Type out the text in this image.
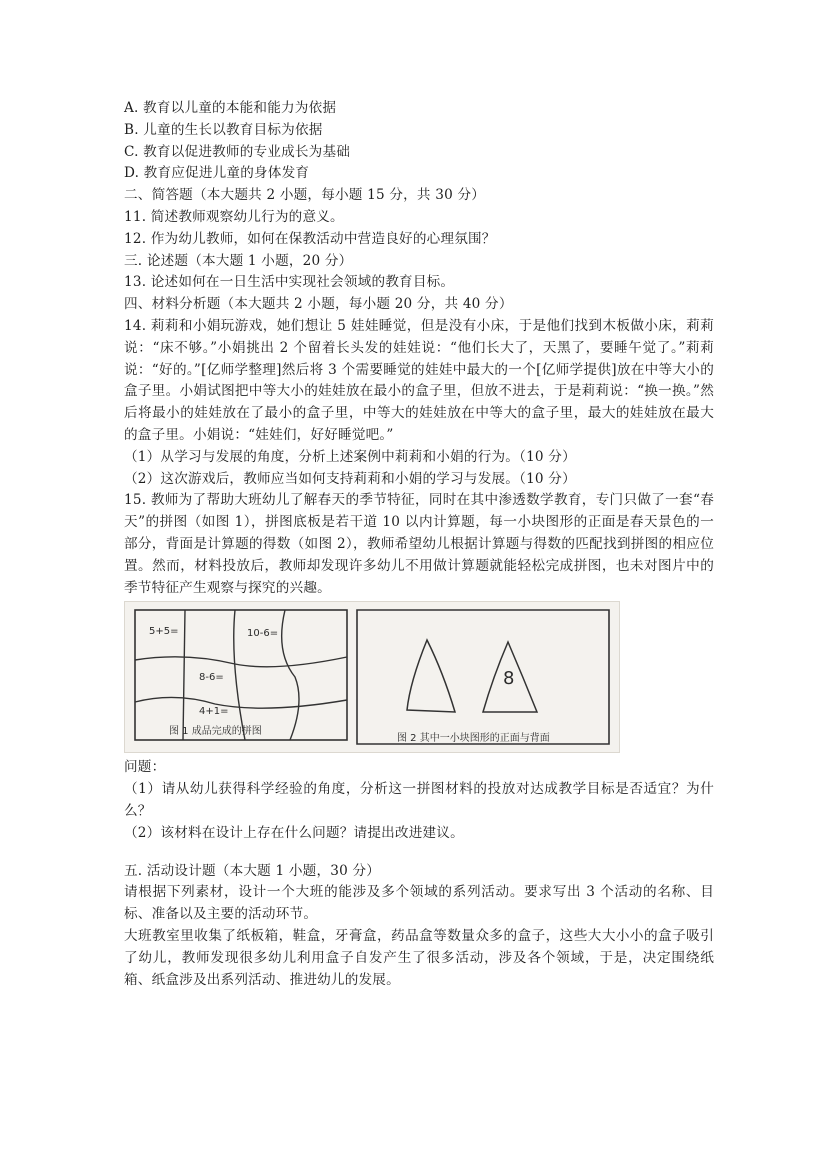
A. 教育以儿童的本能和能力为依据
B. 儿童的生长以教育目标为依据
C. 教育以促进教师的专业成长为基础
D. 教育应促进儿童的身体发育
二、简答题（本大题共 2 小题，每小题 15 分，共 30 分）
11. 简述教师观察幼儿行为的意义。
12. 作为幼儿教师，如何在保教活动中营造良好的心理氛围？
三. 论述题（本大题 1 小题，20 分）
13. 论述如何在一日生活中实现社会领域的教育目标。
四、材料分析题（本大题共 2 小题，每小题 20 分，共 40 分）
14. 莉莉和小娟玩游戏，她们想让 5 娃娃睡觉，但是没有小床，于是他们找到木板做小床，莉莉说：“床不够。”小娟挑出 2 个留着长头发的娃娃说：“他们长大了，天黑了，要睡午觉了。”莉莉说：“好的。”[亿师学整理]然后将 3 个需要睡觉的娃娃中最大的一个[亿师学提供]放在中等大小的盒子里。小娟试图把中等大小的娃娃放在最小的盒子里，但放不进去，于是莉莉说：“换一换。”然后将最小的娃娃放在了最小的盒子里，中等大的娃娃放在中等大的盒子里，最大的娃娃放在最大的盒子里。小娟说：“娃娃们，好好睡觉吧。”
（1）从学习与发展的角度，分析上述案例中莉莉和小娟的行为。（10 分）
（2）这次游戏后，教师应当如何支持莉莉和小娟的学习与发展。（10 分）
15. 教师为了帮助大班幼儿了解春天的季节特征，同时在其中渗透数学教育，专门只做了一套“春天”的拼图（如图 1），拼图底板是若干道 10 以内计算题，每一小块图形的正面是春天景色的一部分，背面是计算题的得数（如图 2），教师希望幼儿根据计算题与得数的匹配找到拼图的相应位置。然而，材料投放后，教师却发现许多幼儿不用做计算题就能轻松完成拼图，也未对图片中的季节特征产生观察与探究的兴趣。
5+5=	10-6=
8-6=
4+1=
8
图 1 成品完成的拼图
图 2 其中一小块图形的正面与背面
问题：
（1）请从幼儿获得科学经验的角度，分析这一拼图材料的投放对达成教学目标是否适宜？为什么？
（2）该材料在设计上存在什么问题？请提出改进建议。
五. 活动设计题（本大题 1 小题，30 分）
请根据下列素材，设计一个大班的能涉及多个领域的系列活动。要求写出 3 个活动的名称、目标、准备以及主要的活动环节。
大班教室里收集了纸板箱，鞋盒，牙膏盒，药品盒等数量众多的盒子，这些大大小小的盒子吸引了幼儿，教师发现很多幼儿利用盒子自发产生了很多活动，涉及各个领域，于是，决定围绕纸箱、纸盒涉及出系列活动、推进幼儿的发展。
